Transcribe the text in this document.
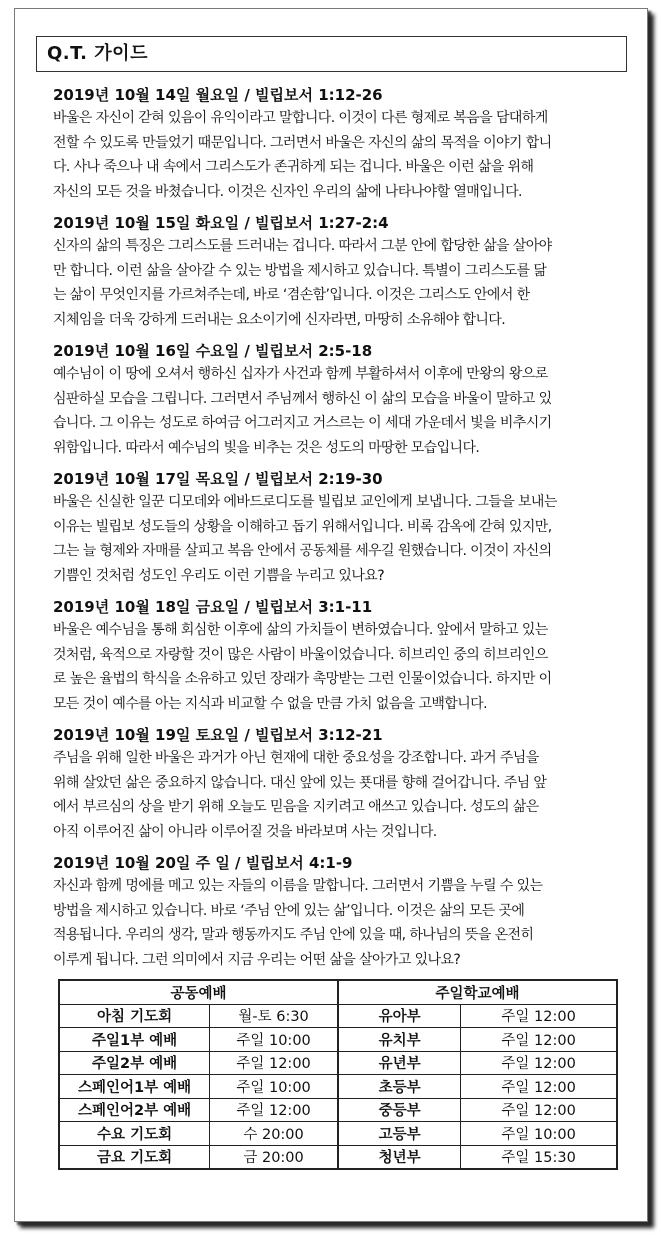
Q.T. 가이드
2019년 10월 14일 월요일 / 빌립보서 1:12-26
바울은 자신이 갇혀 있음이 유익이라고 말합니다. 이것이 다른 형제로 복음을 담대하게
전할 수 있도록 만들었기 때문입니다. 그러면서 바울은 자신의 삶의 목적을 이야기 합니
다. 사나 죽으나 내 속에서 그리스도가 존귀하게 되는 겁니다. 바울은 이런 삶을 위해
자신의 모든 것을 바쳤습니다. 이것은 신자인 우리의 삶에 나타나야할 열매입니다.
2019년 10월 15일 화요일 / 빌립보서 1:27-2:4
신자의 삶의 특징은 그리스도를 드러내는 겁니다. 따라서 그분 안에 합당한 삶을 살아야
만 합니다. 이런 삶을 살아갈 수 있는 방법을 제시하고 있습니다. 특별이 그리스도를 닮
는 삶이 무엇인지를 가르쳐주는데, 바로 ‘겸손함’입니다. 이것은 그리스도 안에서 한
지체임을 더욱 강하게 드러내는 요소이기에 신자라면, 마땅히 소유해야 합니다.
2019년 10월 16일 수요일 / 빌립보서 2:5-18
예수님이 이 땅에 오셔서 행하신 십자가 사건과 함께 부활하셔서 이후에 만왕의 왕으로
심판하실 모습을 그립니다. 그러면서 주님께서 행하신 이 삶의 모습을 바울이 말하고 있
습니다. 그 이유는 성도로 하여금 어그러지고 거스르는 이 세대 가운데서 빛을 비추시기
위함입니다. 따라서 예수님의 빛을 비추는 것은 성도의 마땅한 모습입니다.
2019년 10월 17일 목요일 / 빌립보서 2:19-30
바울은 신실한 일꾼 디모데와 에바드로디도를 빌립보 교인에게 보냅니다. 그들을 보내는
이유는 빌립보 성도들의 상황을 이해하고 돕기 위해서입니다. 비록 감옥에 갇혀 있지만,
그는 늘 형제와 자매를 살피고 복음 안에서 공동체를 세우길 원했습니다. 이것이 자신의
기쁨인 것처럼 성도인 우리도 이런 기쁨을 누리고 있나요?
2019년 10월 18일 금요일 / 빌립보서 3:1-11
바울은 예수님을 통해 회심한 이후에 삶의 가치들이 변하였습니다. 앞에서 말하고 있는
것처럼, 육적으로 자랑할 것이 많은 사람이 바울이었습니다. 히브리인 중의 히브리인으
로 높은 율법의 학식을 소유하고 있던 장래가 촉망받는 그런 인물이었습니다. 하지만 이
모든 것이 예수를 아는 지식과 비교할 수 없을 만큼 가치 없음을 고백합니다.
2019년 10월 19일 토요일 / 빌립보서 3:12-21
주님을 위해 일한 바울은 과거가 아닌 현재에 대한 중요성을 강조합니다. 과거 주님을
위해 살았던 삶은 중요하지 않습니다. 대신 앞에 있는 푯대를 향해 걸어갑니다. 주님 앞
에서 부르심의 상을 받기 위해 오늘도 믿음을 지키려고 애쓰고 있습니다. 성도의 삶은
아직 이루어진 삶이 아니라 이루어질 것을 바라보며 사는 것입니다.
2019년 10월 20일 주 일 / 빌립보서 4:1-9
자신과 함께 멍에를 메고 있는 자들의 이름을 말합니다. 그러면서 기쁨을 누릴 수 있는
방법을 제시하고 있습니다. 바로 ‘주님 안에 있는 삶’입니다. 이것은 삶의 모든 곳에
적용됩니다. 우리의 생각, 말과 행동까지도 주님 안에 있을 때, 하나님의 뜻을 온전히
이루게 됩니다. 그런 의미에서 지금 우리는 어떤 삶을 살아가고 있나요?
공동예배		주일학교예배	
아침 기도회	월-토 6:30	유아부	주일 12:00
주일1부 예배	주일 10:00	유치부	주일 12:00
주일2부 예배	주일 12:00	유년부	주일 12:00
스페인어1부 예배	주일 10:00	초등부	주일 12:00
스페인어2부 예배	주일 12:00	중등부	주일 12:00
수요 기도회	수 20:00	고등부	주일 10:00
금요 기도회	금 20:00	청년부	주일 15:30
